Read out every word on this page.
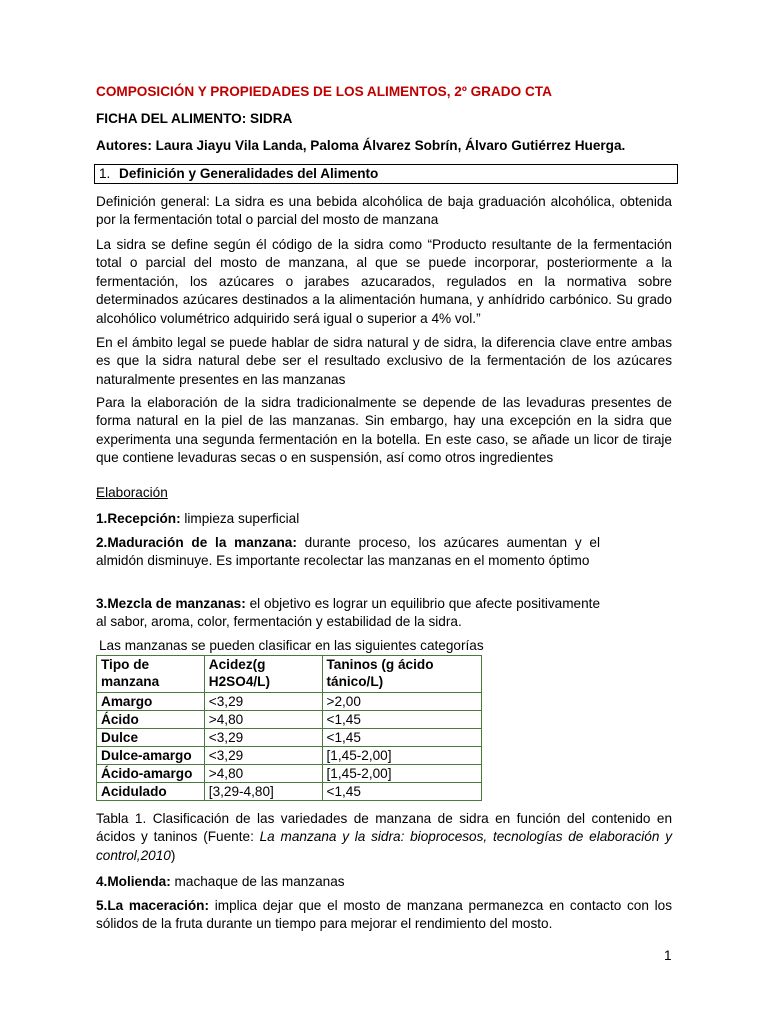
COMPOSICIÓN Y PROPIEDADES DE LOS ALIMENTOS, 2º GRADO CTA

FICHA DEL ALIMENTO: SIDRA

Autores: Laura Jiayu Vila Landa, Paloma Álvarez Sobrín, Álvaro Gutiérrez Huerga.

1. Definición y Generalidades del Alimento

Definición general: La sidra es una bebida alcohólica de baja graduación alcohólica, obtenida por la fermentación total o parcial del mosto de manzana

La sidra se define según él código de la sidra como “Producto resultante de la fermentación total o parcial del mosto de manzana, al que se puede incorporar, posteriormente a la fermentación, los azúcares o jarabes azucarados, regulados en la normativa sobre determinados azúcares destinados a la alimentación humana, y anhídrido carbónico. Su grado alcohólico volumétrico adquirido será igual o superior a 4% vol.”

En el ámbito legal se puede hablar de sidra natural y de sidra, la diferencia clave entre ambas es que la sidra natural debe ser el resultado exclusivo de la fermentación de los azúcares naturalmente presentes en las manzanas

Para la elaboración de la sidra tradicionalmente se depende de las levaduras presentes de forma natural en la piel de las manzanas. Sin embargo, hay una excepción en la sidra que experimenta una segunda fermentación en la botella. En este caso, se añade un licor de tiraje que contiene levaduras secas o en suspensión, así como otros ingredientes

Elaboración

1.Recepción: limpieza superficial

2.Maduración de la manzana: durante proceso, los azúcares aumentan y el almidón disminuye. Es importante recolectar las manzanas en el momento óptimo

3.Mezcla de manzanas: el objetivo es lograr un equilibrio que afecte positivamente al sabor, aroma, color, fermentación y estabilidad de la sidra.

Las manzanas se pueden clasificar en las siguientes categorías

Tipo de manzana	Acidez(g H2SO4/L)	Taninos (g ácido tánico/L)
Amargo	<3,29	>2,00
Ácido	>4,80	<1,45
Dulce	<3,29	<1,45
Dulce-amargo	<3,29	[1,45-2,00]
Ácido-amargo	>4,80	[1,45-2,00]
Acidulado	[3,29-4,80]	<1,45

Tabla 1. Clasificación de las variedades de manzana de sidra en función del contenido en ácidos y taninos (Fuente: La manzana y la sidra: bioprocesos, tecnologías de elaboración y control,2010)

4.Molienda: machaque de las manzanas

5.La maceración: implica dejar que el mosto de manzana permanezca en contacto con los sólidos de la fruta durante un tiempo para mejorar el rendimiento del mosto.

1
